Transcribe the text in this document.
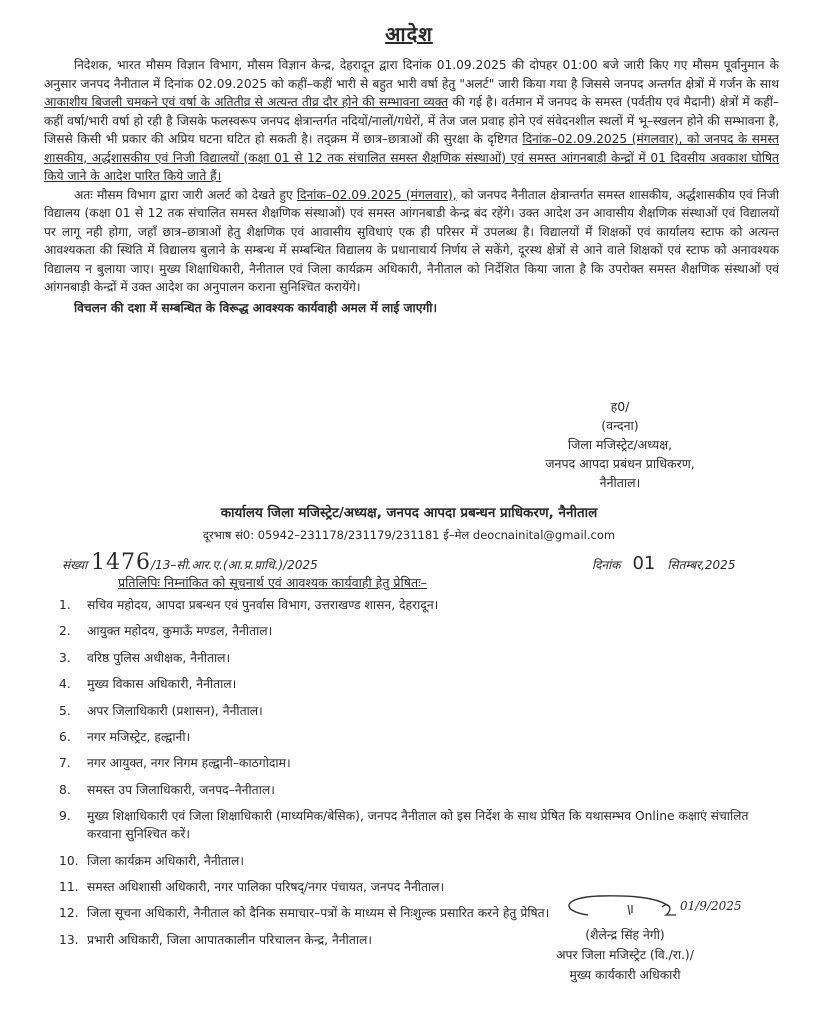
आदेश

निदेशक, भारत मौसम विज्ञान विभाग, मौसम विज्ञान केन्द्र, देहरादून द्वारा दिनांक 01.09.2025 की दोपहर 01:00 बजे जारी किए गए मौसम पूर्वानुमान के अनुसार जनपद नैनीताल में दिनांक 02.09.2025 को कहीं–कहीं भारी से बहुत भारी वर्षा हेतु "अलर्ट" जारी किया गया है जिससे जनपद अन्तर्गत क्षेत्रों में गर्जन के साथ आकाशीय बिजली चमकने एवं वर्षा के अतितीव्र से अत्यन्त तीव्र दौर होने की सम्भावना व्यक्त की गई है। वर्तमान में जनपद के समस्त (पर्वतीय एवं मैदानी) क्षेत्रों में कहीं–कहीं वर्षा/भारी वर्षा हो रही है जिसके फलस्वरूप जनपद क्षेत्रान्तर्गत नदियों/नालों/गधेरों, में तेज जल प्रवाह होने एवं संवेदनशील स्थलों में भू–स्खलन होने की सम्भावना है, जिससे किसी भी प्रकार की अप्रिय घटना घटित हो सकती है। तद्क्रम में छात्र–छात्राओं की सुरक्षा के दृष्टिगत दिनांक–02.09.2025 (मंगलवार), को जनपद के समस्त शासकीय, अर्द्धशासकीय एवं निजी विद्यालयों (कक्षा 01 से 12 तक संचालित समस्त शैक्षणिक संस्थाओं) एवं समस्त आंगनबाड़ी केन्द्रों में 01 दिवसीय अवकाश घोषित किये जाने के आदेश पारित किये जाते हैं।

अतः मौसम विभाग द्वारा जारी अलर्ट को देखते हुए दिनांक–02.09.2025 (मंगलवार), को जनपद नैनीताल क्षेत्रान्तर्गत समस्त शासकीय, अर्द्धशासकीय एवं निजी विद्यालय (कक्षा 01 से 12 तक संचालित समस्त शैक्षणिक संस्थाओं) एवं समस्त आंगनबाडी केन्द्र बंद रहेंगे। उक्त आदेश उन आवासीय शैक्षणिक संस्थाओं एवं विद्यालयों पर लागू नही होगा, जहॉं छात्र–छात्राओं हेतु शैक्षणिक एवं आवासीय सुविधाएं एक ही परिसर में उपलब्ध है। विद्यालयों में शिक्षकों एवं कार्यालय स्टाफ को अत्यन्त आवश्यकता की स्थिति में विद्यालय बुलाने के सम्बन्ध में सम्बन्धित विद्यालय के प्रधानाचार्य निर्णय ले सकेंगे, दूरस्थ क्षेत्रों से आने वाले शिक्षकों एवं स्टाफ को अनावश्यक विद्यालय न बुलाया जाए। मुख्य शिक्षाधिकारी, नैनीताल एवं जिला कार्यक्रम अधिकारी, नैनीताल को निर्देशित किया जाता है कि उपरोक्त समस्त शैक्षणिक संस्थाओं एवं आंगनबाड़ी केन्द्रों में उक्त आदेश का अनुपालन कराना सुनिश्चित करायेंगे।

विचलन की दशा में सम्बन्धित के विरूद्ध आवश्यक कार्यवाही अमल में लाई जाएगी।

ह0/
(वन्दना)
जिला मजिस्ट्रेट/अध्यक्ष,
जनपद आपदा प्रबंधन प्राधिकरण,
नैनीताल।
कार्यालय जिला मजिस्ट्रेट/अध्यक्ष, जनपद आपदा प्रबन्धन प्राधिकरण, नैनीताल
दूरभाष सं0: 05942–231178/231179/231181 ई–मेल deocnainital@gmail.com
संख्या 1476/13–सी.आर.ए.(आ.प्र.प्राधि.)/2025	दिनांक 01 सितम्बर,2025
प्रतिलिपिः निम्नांकित को सूचनार्थ एवं आवश्यक कार्यवाही हेतु प्रेषितः–
1.	सचिव महोदय, आपदा प्रबन्धन एवं पुनर्वास विभाग, उत्तराखण्ड शासन, देहरादून।
2.	आयुक्त महोदय, कुमाऊँ मण्डल, नैनीताल।
3.	वरिष्ठ पुलिस अधीक्षक, नैनीताल।
4.	मुख्य विकास अधिकारी, नैनीताल।
5.	अपर जिलाधिकारी (प्रशासन), नैनीताल।
6.	नगर मजिस्ट्रेट, हल्द्वानी।
7.	नगर आयुक्त, नगर निगम हल्द्वानी–काठगोदाम।
8.	समस्त उप जिलाधिकारी, जनपद–नैनीताल।
9.	मुख्य शिक्षाधिकारी एवं जिला शिक्षाधिकारी (माध्यमिक/बेसिक), जनपद नैनीताल को इस निर्देश के साथ प्रेषित कि यथासम्भव Online कक्षाएं संचालित करवाना सुनिश्चित करें।
10. जिला कार्यक्रम अधिकारी, नैनीताल।
11. समस्त अधिशासी अधिकारी, नगर पालिका परिषद्/नगर पंचायत, जनपद नैनीताल।
12. जिला सूचना अधिकारी, नैनीताल को दैनिक समाचार–पत्रों के माध्यम से निःशुल्क प्रसारित करने हेतु प्रेषित।
13. प्रभारी अधिकारी, जिला आपातकालीन परिचालन केन्द्र, नैनीताल।
01/9/2025
(शैलेन्द्र सिंह नेगी)
अपर जिला मजिस्ट्रेट (वि./रा.)/
मुख्य कार्यकारी अधिकारी
